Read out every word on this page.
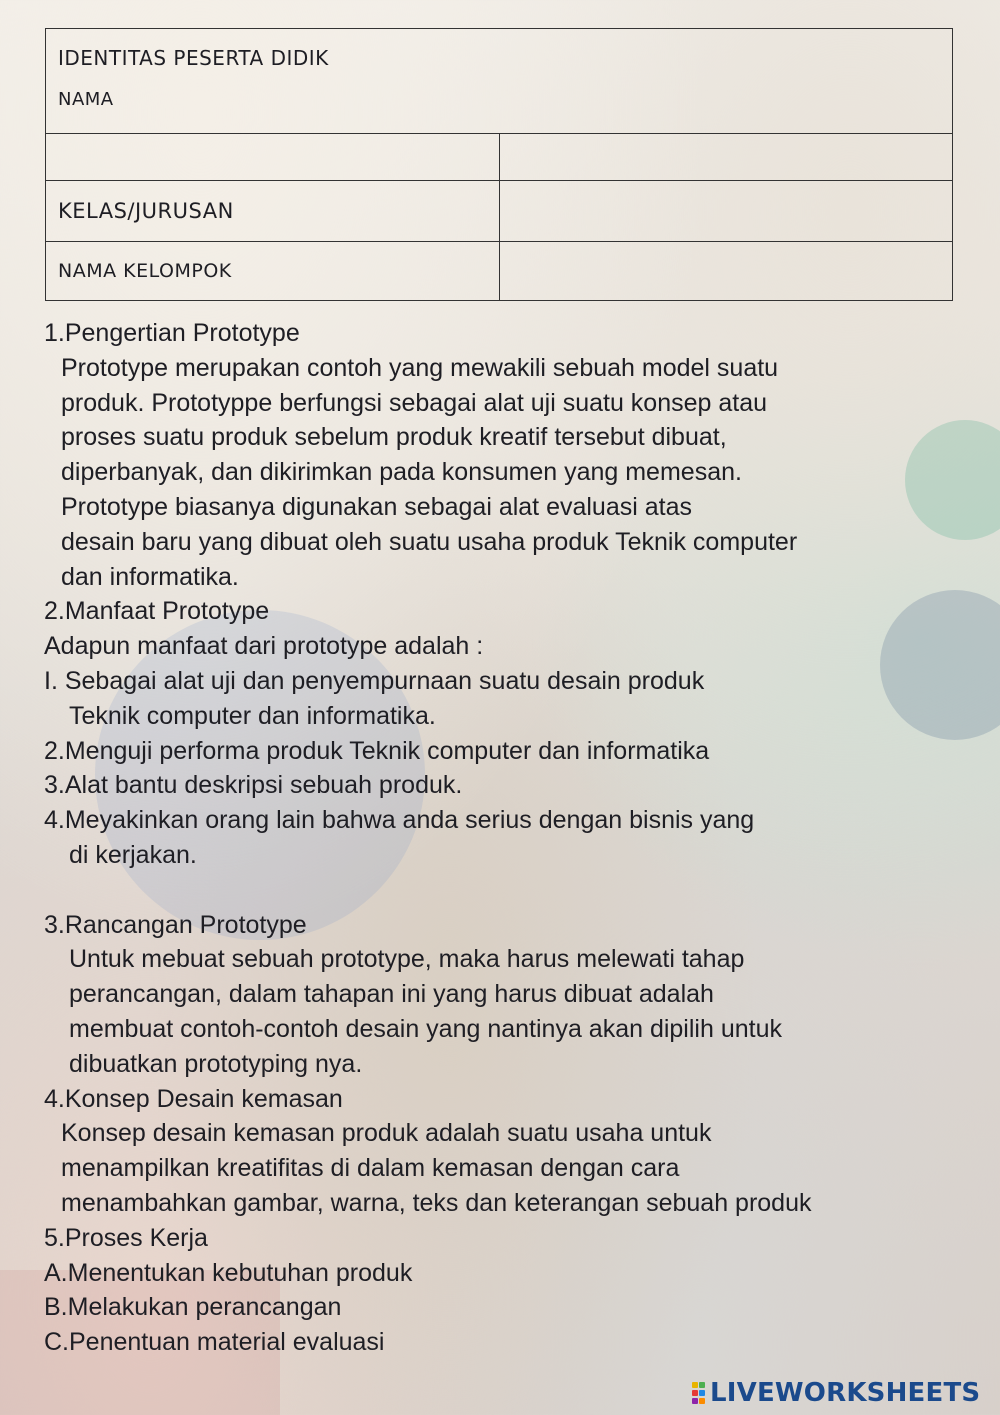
IDENTITAS PESERTA DIDIK
NAMA	

KELAS/JURUSAN	
NAMA KELOMPOK	
1.Pengertian Prototype
Prototype merupakan contoh yang mewakili sebuah model suatu
produk. Prototyppe berfungsi sebagai alat uji suatu konsep atau
proses suatu produk sebelum produk kreatif tersebut dibuat,
diperbanyak, dan dikirimkan pada konsumen yang memesan.
Prototype biasanya digunakan sebagai alat evaluasi atas
desain baru yang dibuat oleh suatu usaha produk Teknik computer
dan informatika.
2.Manfaat Prototype
Adapun manfaat dari prototype adalah :
I. Sebagai alat uji dan penyempurnaan suatu desain produk
Teknik computer dan informatika.
2.Menguji performa produk Teknik computer dan informatika
3.Alat bantu deskripsi sebuah produk.
4.Meyakinkan orang lain bahwa anda serius dengan bisnis yang
di kerjakan.

3.Rancangan Prototype
Untuk mebuat sebuah prototype, maka harus melewati tahap
perancangan, dalam tahapan ini yang harus dibuat adalah
membuat contoh-contoh desain yang nantinya akan dipilih untuk
dibuatkan prototyping nya.
4.Konsep Desain kemasan
Konsep desain kemasan produk adalah suatu usaha untuk
menampilkan kreatifitas di dalam kemasan dengan cara
menambahkan gambar, warna, teks dan keterangan sebuah produk
5.Proses Kerja
A.Menentukan kebutuhan produk
B.Melakukan perancangan
C.Penentuan material evaluasi
LIVEWORKSHEETS
